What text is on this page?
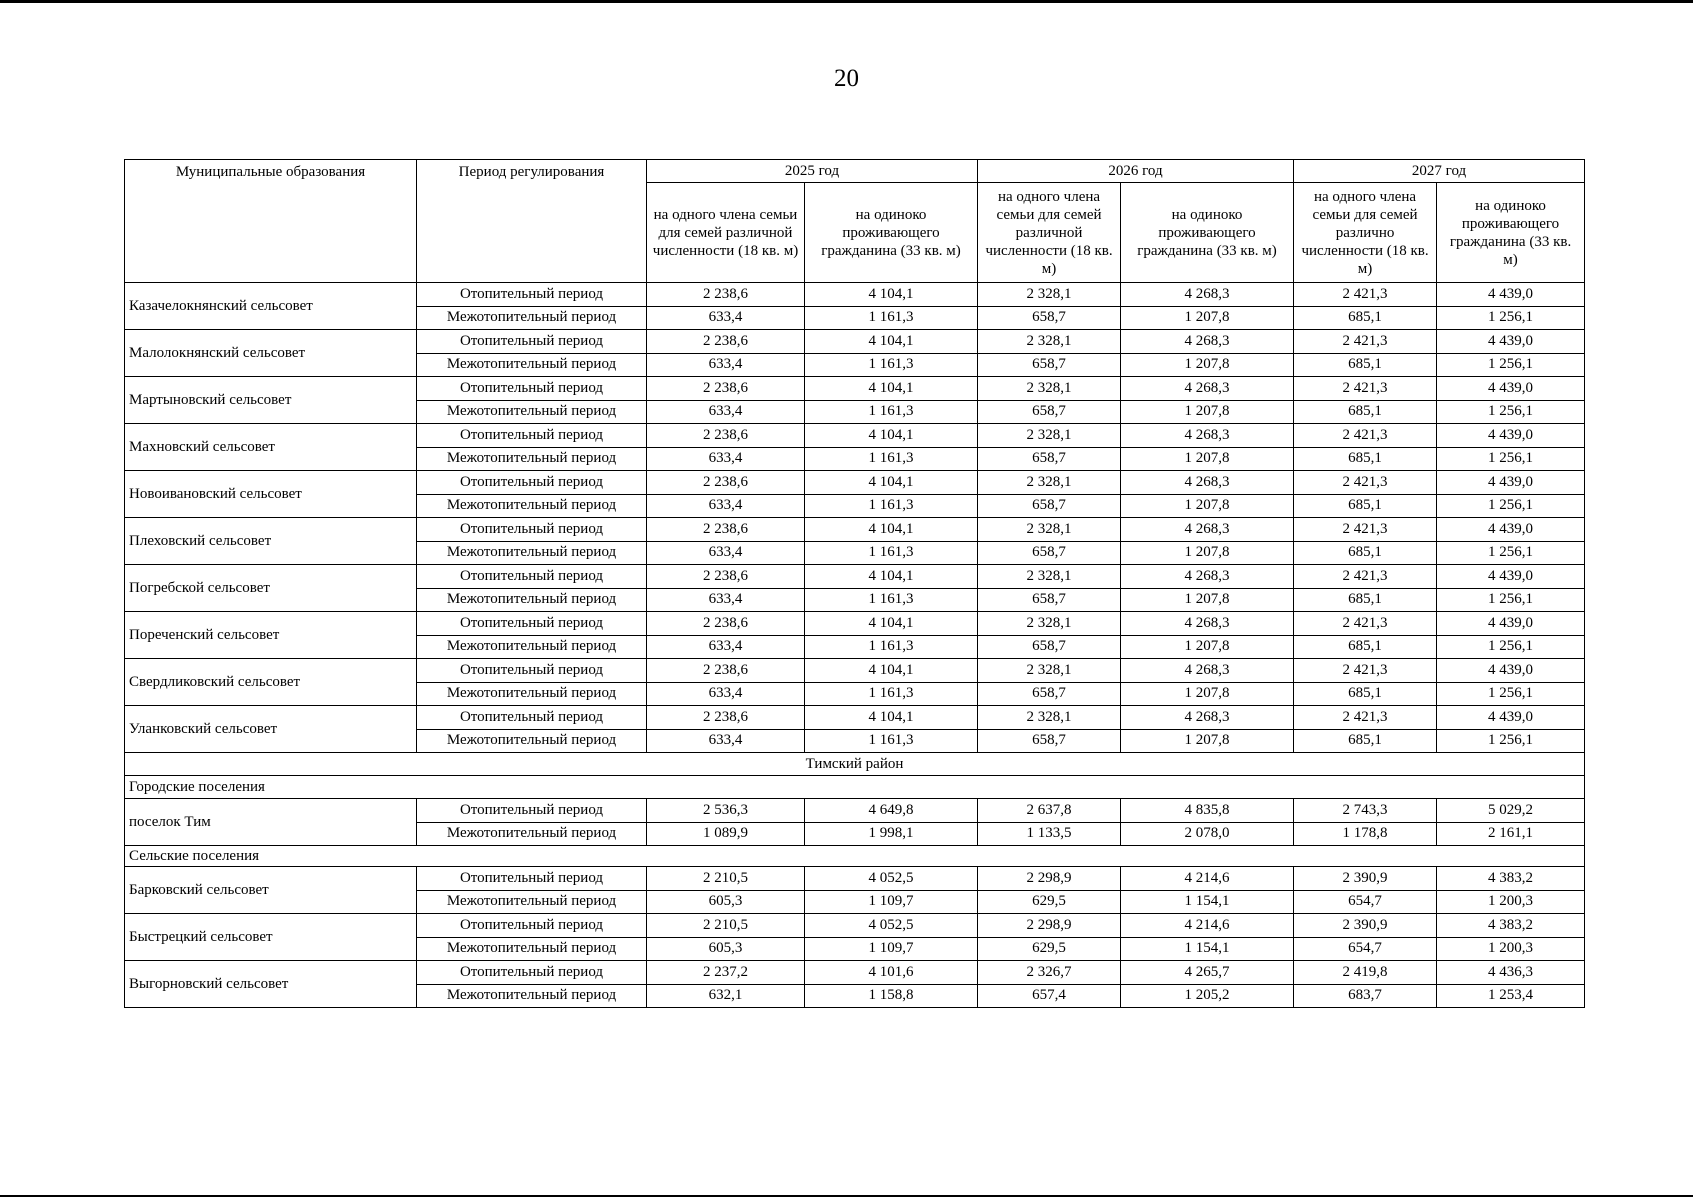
20
Муниципальные образования	Период регулирования	2025 год		2026 год		2027 год	
		на одного члена семьи для семей различной численности (18 кв. м)	на одиноко проживающего гражданина (33 кв. м)	на одного члена семьи для семей различной численности (18 кв. м)	на одиноко проживающего гражданина (33 кв. м)	на одного члена семьи для семей различно численности (18 кв. м)	на одиноко проживающего гражданина (33 кв. м)
Казачелокнянский сельсовет	Отопительный период	2 238,6	4 104,1	2 328,1	4 268,3	2 421,3	4 439,0
	Межотопительный период	633,4	1 161,3	658,7	1 207,8	685,1	1 256,1
Малолокнянский сельсовет	Отопительный период	2 238,6	4 104,1	2 328,1	4 268,3	2 421,3	4 439,0
	Межотопительный период	633,4	1 161,3	658,7	1 207,8	685,1	1 256,1
Мартыновский сельсовет	Отопительный период	2 238,6	4 104,1	2 328,1	4 268,3	2 421,3	4 439,0
	Межотопительный период	633,4	1 161,3	658,7	1 207,8	685,1	1 256,1
Махновский сельсовет	Отопительный период	2 238,6	4 104,1	2 328,1	4 268,3	2 421,3	4 439,0
	Межотопительный период	633,4	1 161,3	658,7	1 207,8	685,1	1 256,1
Новоивановский сельсовет	Отопительный период	2 238,6	4 104,1	2 328,1	4 268,3	2 421,3	4 439,0
	Межотопительный период	633,4	1 161,3	658,7	1 207,8	685,1	1 256,1
Плеховский сельсовет	Отопительный период	2 238,6	4 104,1	2 328,1	4 268,3	2 421,3	4 439,0
	Межотопительный период	633,4	1 161,3	658,7	1 207,8	685,1	1 256,1
Погребской сельсовет	Отопительный период	2 238,6	4 104,1	2 328,1	4 268,3	2 421,3	4 439,0
	Межотопительный период	633,4	1 161,3	658,7	1 207,8	685,1	1 256,1
Пореченский сельсовет	Отопительный период	2 238,6	4 104,1	2 328,1	4 268,3	2 421,3	4 439,0
	Межотопительный период	633,4	1 161,3	658,7	1 207,8	685,1	1 256,1
Свердликовский сельсовет	Отопительный период	2 238,6	4 104,1	2 328,1	4 268,3	2 421,3	4 439,0
	Межотопительный период	633,4	1 161,3	658,7	1 207,8	685,1	1 256,1
Уланковский сельсовет	Отопительный период	2 238,6	4 104,1	2 328,1	4 268,3	2 421,3	4 439,0
	Межотопительный период	633,4	1 161,3	658,7	1 207,8	685,1	1 256,1
Тимский район							
Городские поселения							
поселок Тим	Отопительный период	2 536,3	4 649,8	2 637,8	4 835,8	2 743,3	5 029,2
	Межотопительный период	1 089,9	1 998,1	1 133,5	2 078,0	1 178,8	2 161,1
Сельские поселения							
Барковский сельсовет	Отопительный период	2 210,5	4 052,5	2 298,9	4 214,6	2 390,9	4 383,2
	Межотопительный период	605,3	1 109,7	629,5	1 154,1	654,7	1 200,3
Быстрецкий сельсовет	Отопительный период	2 210,5	4 052,5	2 298,9	4 214,6	2 390,9	4 383,2
	Межотопительный период	605,3	1 109,7	629,5	1 154,1	654,7	1 200,3
Выгорновский сельсовет	Отопительный период	2 237,2	4 101,6	2 326,7	4 265,7	2 419,8	4 436,3
	Межотопительный период	632,1	1 158,8	657,4	1 205,2	683,7	1 253,4
